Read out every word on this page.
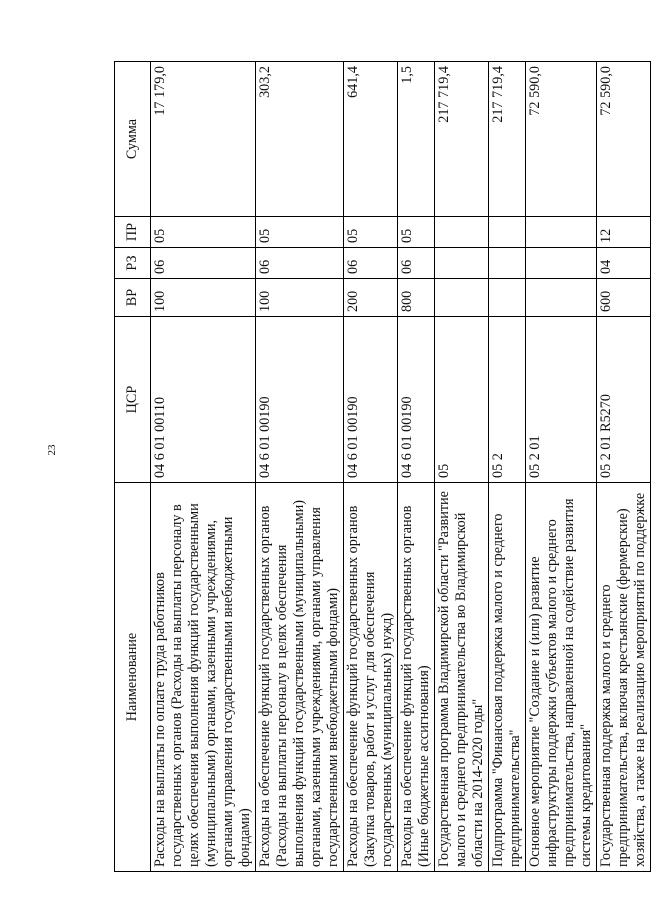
23
Наименование	ЦСР	ВР	РЗ	ПР	Сумма
Расходы на выплаты по оплате труда работников государственных органов (Расходы на выплаты персоналу в целях обеспечения выполнения функций государственными (муниципальными) органами, казенными учреждениями, органами управления государственными внебюджетными фондами)	04 6 01 00110	100	06	05	17 179,0
Расходы на обеспечение функций государственных органов (Расходы на выплаты персоналу в целях обеспечения выполнения функций государственными (муниципальными) органами, казенными учреждениями, органами управления государственными внебюджетными фондами)	04 6 01 00190	100	06	05	303,2
Расходы на обеспечение функций государственных органов (Закупка товаров, работ и услуг для обеспечения государственных (муниципальных) нужд)	04 6 01 00190	200	06	05	641,4
Расходы на обеспечение функций государственных органов (Иные бюджетные ассигнования)	04 6 01 00190	800	06	05	1,5
Государственная программа Владимирской области "Развитие малого и среднего предпринимательства во Владимирской области на 2014-2020 годы"	05				217 719,4
Подпрограмма "Финансовая поддержка малого и среднего предпринимательства"	05 2				217 719,4
Основное мероприятие "Создание и (или) развитие инфраструктуры поддержки субъектов малого и среднего предпринимательства, направленной на содействие развития системы кредитования"	05 2 01				72 590,0
Государственная поддержка малого и среднего предпринимательства, включая крестьянские (фермерские) хозяйства, а также на реализацию мероприятий по поддержке	05 2 01 R5270	600	04	12	72 590,0
